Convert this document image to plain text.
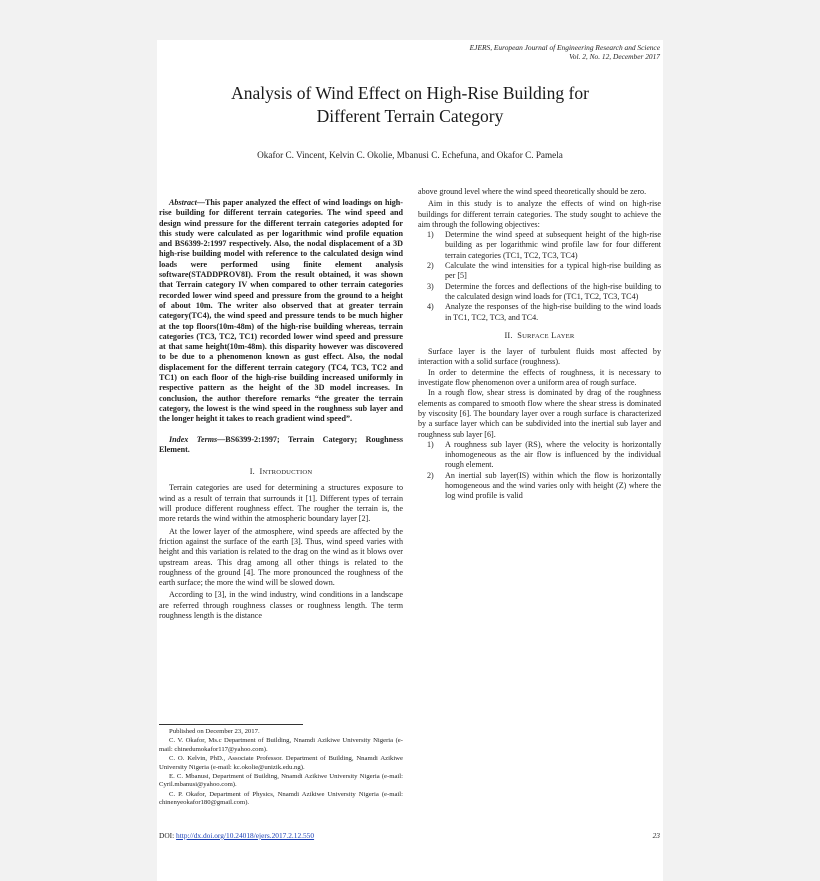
EJERS, European Journal of Engineering Research and Science
Vol. 2, No. 12, December 2017
Analysis of Wind Effect on High-Rise Building for
Different Terrain Category
Okafor C. Vincent, Kelvin C. Okolie, Mbanusi C. Echefuna, and Okafor C. Pamela

Abstract—This paper analyzed the effect of wind loadings on high-rise building for different terrain categories. The wind speed and design wind pressure for the different terrain categories adopted for this study were calculated as per logarithmic wind profile equation and BS6399-2:1997 respectively. Also, the nodal displacement of a 3D high-rise building model with reference to the calculated design wind loads were performed using finite element analysis software(STADDPROV8I). From the result obtained, it was shown that Terrain category IV when compared to other terrain categories recorded lower wind speed and pressure from the ground to a height of about 10m. The writer also observed that at greater terrain category(TC4), the wind speed and pressure tends to be much higher at the top floors(10m-48m) of the high-rise building whereas, terrain categories (TC3, TC2, TC1) recorded lower wind speed and pressure at that same height(10m-48m). this disparity however was discovered to be due to a phenomenon known as gust effect. Also, the nodal displacement for the different terrain category (TC4, TC3, TC2 and TC1) on each floor of the high-rise building increased uniformly in respective pattern as the height of the 3D model increases. In conclusion, the author therefore remarks “the greater the terrain category, the lowest is the wind speed in the roughness sub layer and the longer height it takes to reach gradient wind speed”.

Index Terms—BS6399-2:1997; Terrain Category; Roughness Element.

I. INTRODUCTION

Terrain categories are used for determining a structures exposure to wind as a result of terrain that surrounds it [1]. Different types of terrain will produce different roughness effect. The rougher the terrain is, the more retards the wind within the atmospheric boundary layer [2].

At the lower layer of the atmosphere, wind speeds are affected by the friction against the surface of the earth [3]. Thus, wind speed varies with height and this variation is related to the drag on the wind as it blows over upstream areas. This drag among all other things is related to the roughness of the ground [4]. The more pronounced the roughness of the earth surface; the more the wind will be slowed down.

According to [3], in the wind industry, wind conditions in a landscape are referred through roughness classes or roughness length. The term roughness length is the distance

above ground level where the wind speed theoretically should be zero.

Aim in this study is to analyze the effects of wind on high-rise buildings for different terrain categories. The study sought to achieve the aim through the following objectives:

1) Determine the wind speed at subsequent height of the high-rise building as per logarithmic wind profile law for four different terrain categories (TC1, TC2, TC3, TC4)
2) Calculate the wind intensities for a typical high-rise building as per [5]
3) Determine the forces and deflections of the high-rise building to the calculated design wind loads for (TC1, TC2, TC3, TC4)
4) Analyze the responses of the high-rise building to the wind loads in TC1, TC2, TC3, and TC4.
II. SURFACE LAYER

Surface layer is the layer of turbulent fluids most affected by interaction with a solid surface (roughness).

In order to determine the effects of roughness, it is necessary to investigate flow phenomenon over a uniform area of rough surface.

In a rough flow, shear stress is dominated by drag of the roughness elements as compared to smooth flow where the shear stress is dominated by viscosity [6]. The boundary layer over a rough surface is characterized by a surface layer which can be subdivided into the inertial sub layer and roughness sub layer [6].

1) A roughness sub layer (RS), where the velocity is horizontally inhomogeneous as the air flow is influenced by the individual rough element.
2) An inertial sub layer(IS) within which the flow is horizontally homogeneous and the wind varies only with height (Z) where the log wind profile is valid

Published on December 23, 2017.

C. V. Okafor, Ms.c Department of Building, Nnamdi Azikiwe University Nigeria (e-mail: chinedumokafor117@yahoo.com).

C. O. Kelvin, PhD., Associate Professor. Department of Building, Nnamdi Azikiwe University Nigeria (e-mail: kc.okolie@unizik.edu.ng).

E. C. Mbanusi, Department of Building, Nnamdi Azikiwe University Nigeria (e-mail: Cyril.mbanusi@yahoo.com).

C. P. Okafor, Department of Physics, Nnamdi Azikiwe University Nigeria (e-mail: chinenyeokafor180@gmail.com).

DOI: http://dx.doi.org/10.24018/ejers.2017.2.12.550	23
